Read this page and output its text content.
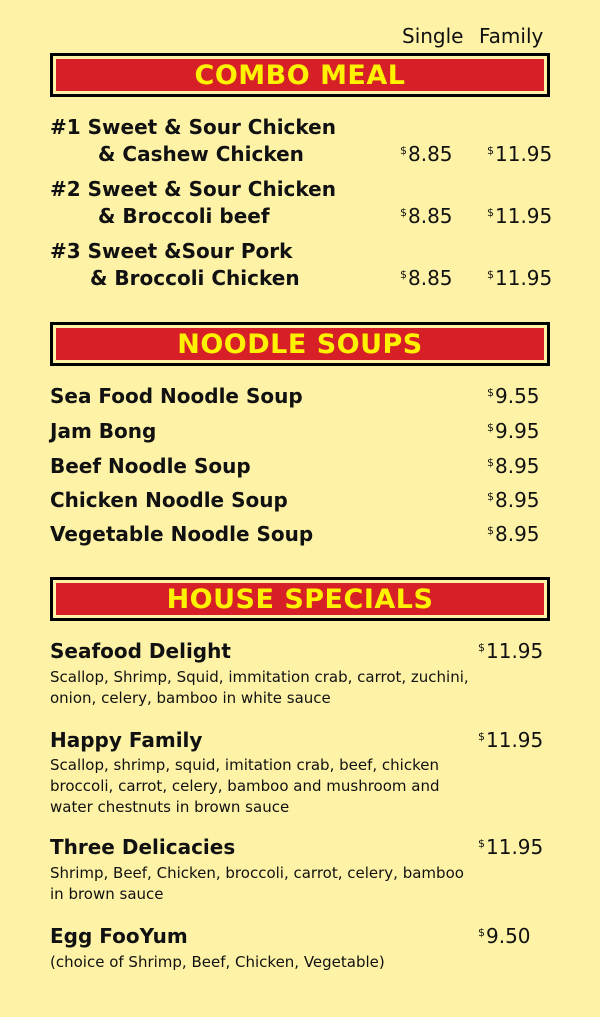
Single Family
COMBO MEAL
#1 Sweet & Sour Chicken
& Cashew Chicken	$8.85	$11.95
#2 Sweet & Sour Chicken
& Broccoli beef	$8.85	$11.95
#3 Sweet &Sour Pork
& Broccoli Chicken	$8.85	$11.95
NOODLE SOUPS
Sea Food Noodle Soup	$9.55
Jam Bong	$9.95
Beef Noodle Soup	$8.95
Chicken Noodle Soup	$8.95
Vegetable Noodle Soup	$8.95
HOUSE SPECIALS
Seafood Delight	$11.95
Scallop, Shrimp, Squid, immitation crab, carrot, zuchini, onion, celery, bamboo in white sauce
Happy Family	$11.95
Scallop, shrimp, squid, imitation crab, beef, chicken broccoli, carrot, celery, bamboo and mushroom and water chestnuts in brown sauce
Three Delicacies	$11.95
Shrimp, Beef, Chicken, broccoli, carrot, celery, bamboo in brown sauce
Egg FooYum	$9.50
(choice of Shrimp, Beef, Chicken, Vegetable)
